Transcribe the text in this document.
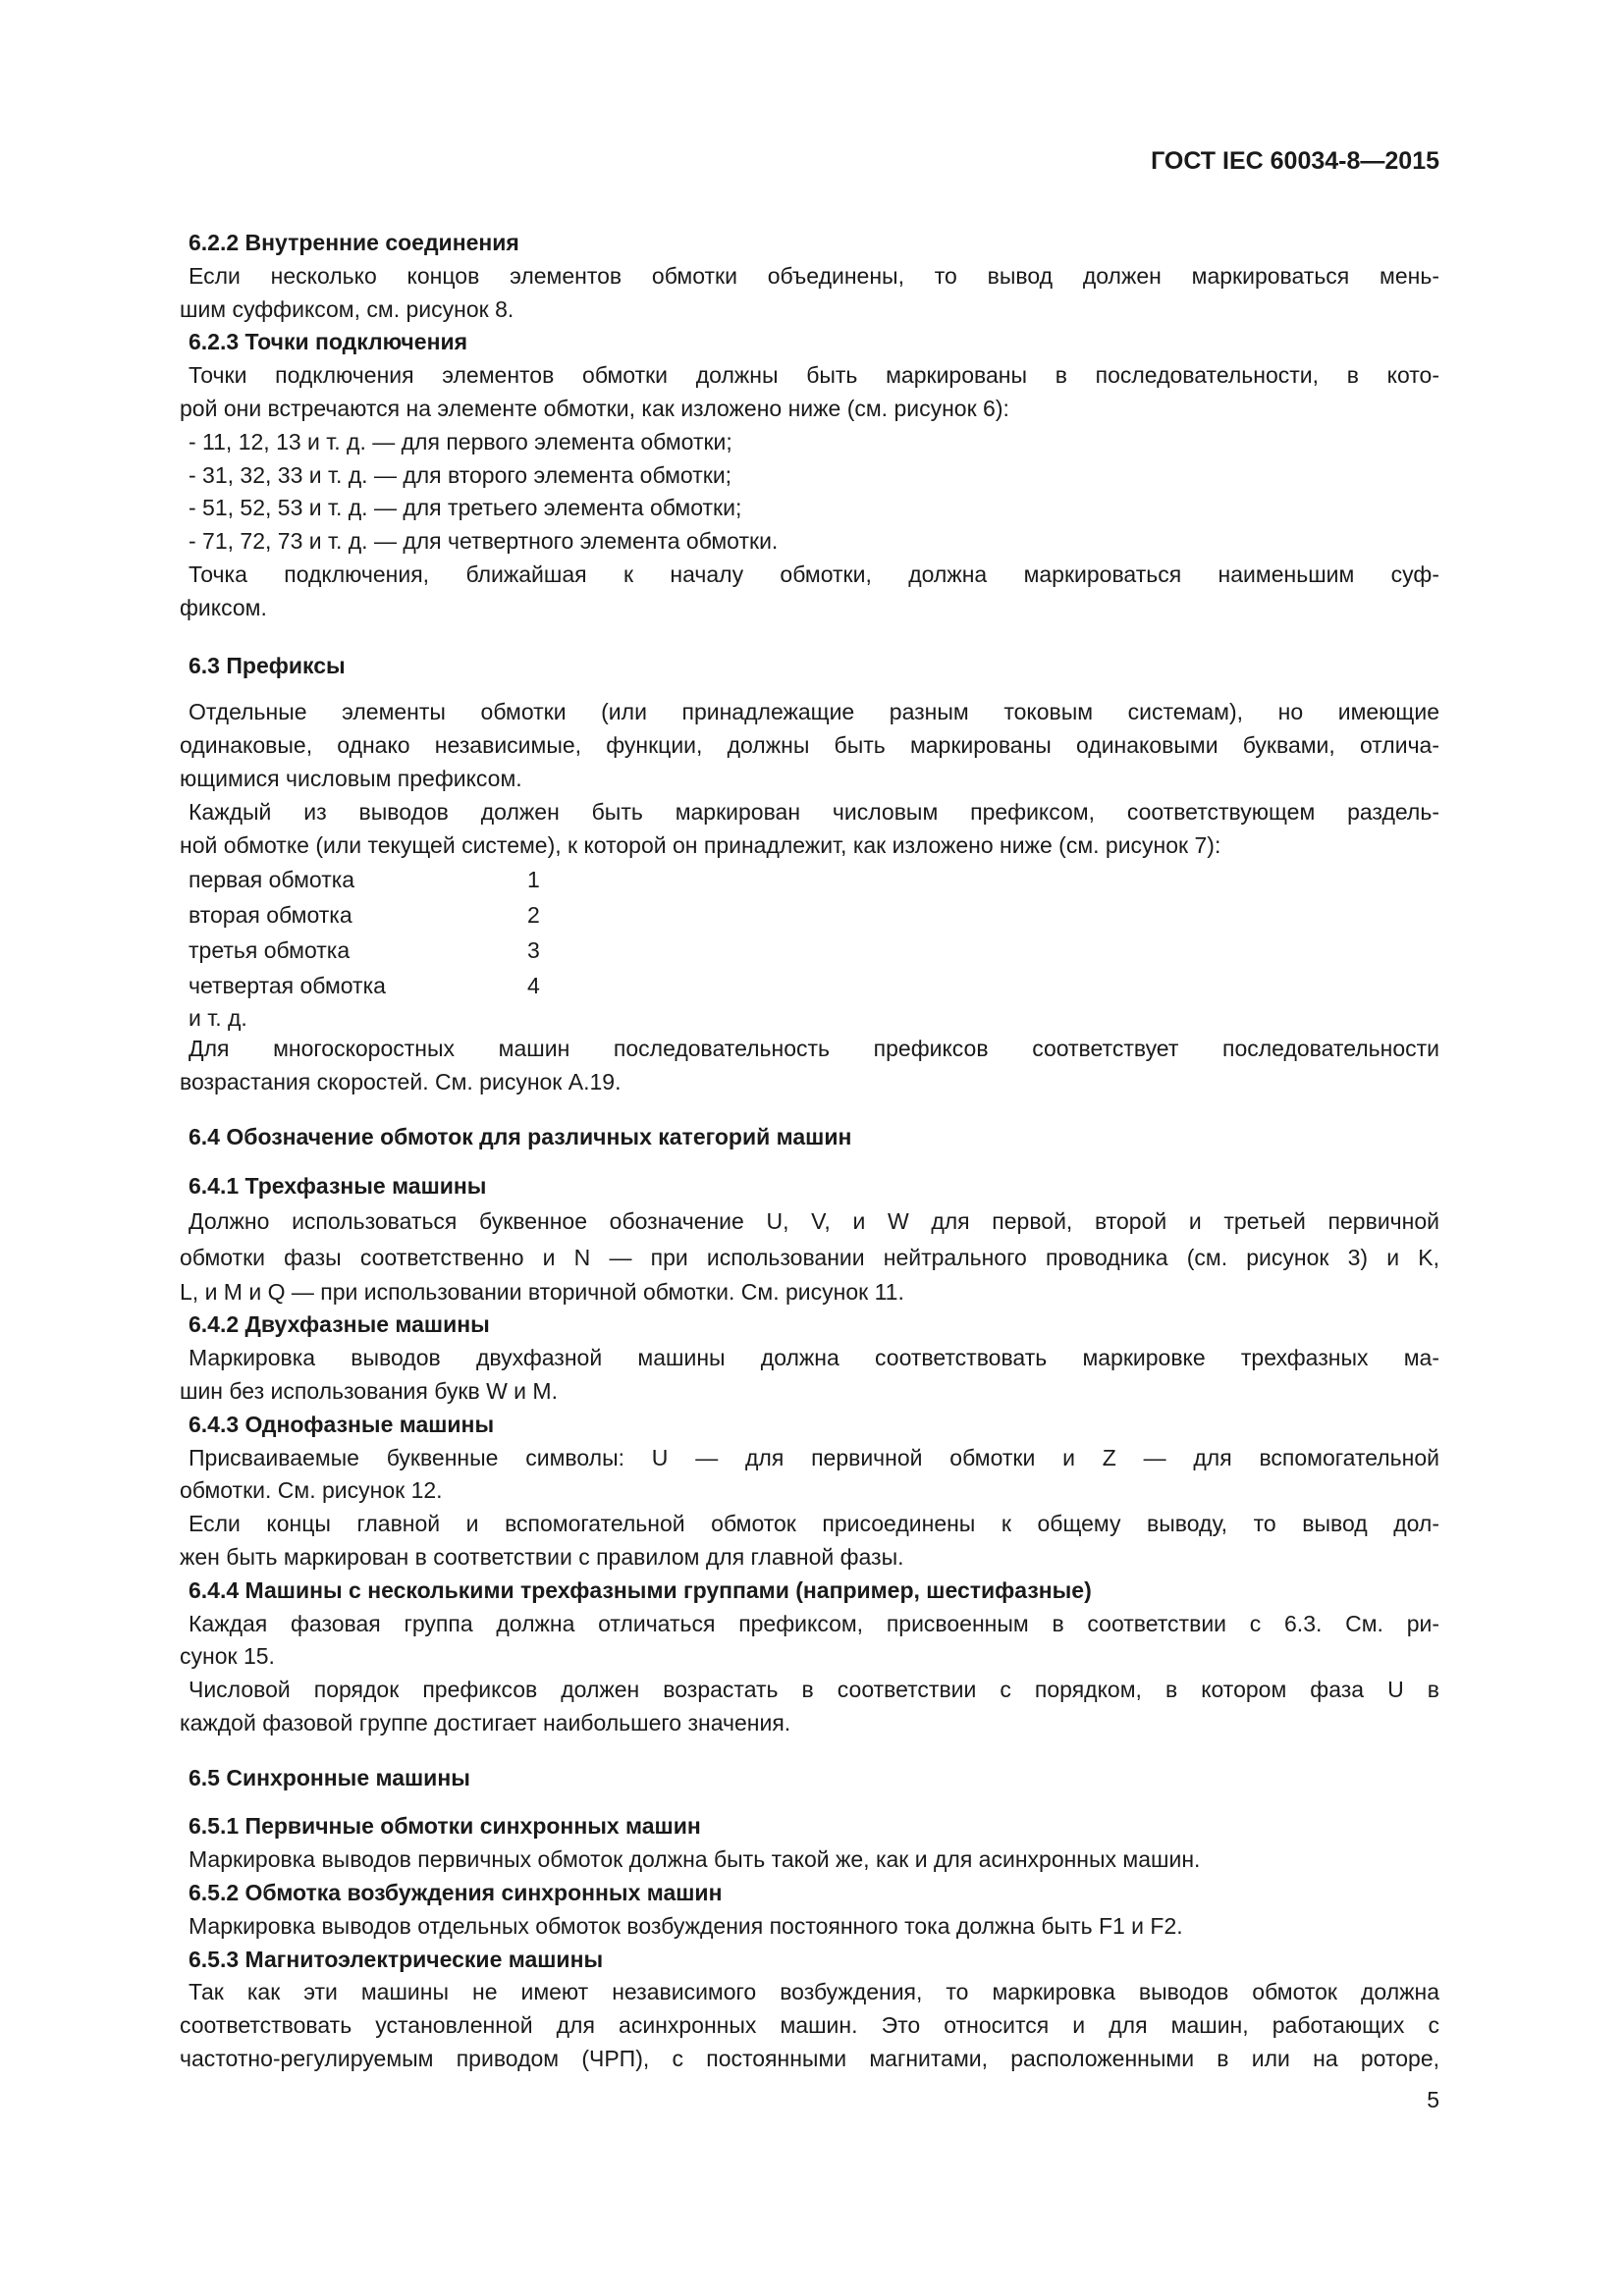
ГОСТ IEC 60034-8—2015
6.2.2 Внутренние соединения
Если несколько концов элементов обмотки объединены, то вывод должен маркироваться мень-
шим суффиксом, см. рисунок 8.
6.2.3 Точки подключения
Точки подключения элементов обмотки должны быть маркированы в последовательности, в кото-
рой они встречаются на элементе обмотки, как изложено ниже (см. рисунок 6):
- 11, 12, 13 и т. д. — для первого элемента обмотки;
- 31, 32, 33 и т. д. — для второго элемента обмотки;
- 51, 52, 53 и т. д. — для третьего элемента обмотки;
- 71, 72, 73 и т. д. — для четвертного элемента обмотки.
Точка подключения, ближайшая к началу обмотки, должна маркироваться наименьшим суф-
фиксом.
6.3 Префиксы
Отдельные элементы обмотки (или принадлежащие разным токовым системам), но имеющие
одинаковые, однако независимые, функции, должны быть маркированы одинаковыми буквами, отлича-
ющимися числовым префиксом.
Каждый из выводов должен быть маркирован числовым префиксом, соответствующем раздель-
ной обмотке (или текущей системе), к которой он принадлежит, как изложено ниже (см. рисунок 7):
первая обмотка	1
вторая обмотка	2
третья обмотка	3
четвертая обмотка	4
и т. д.
Для многоскоростных машин последовательность префиксов соответствует последовательности
возрастания скоростей. См. рисунок А.19.
6.4 Обозначение обмоток для различных категорий машин
6.4.1 Трехфазные машины
Должно использоваться буквенное обозначение U, V, и W для первой, второй и третьей первичной
обмотки фазы соответственно и N — при использовании нейтрального проводника (см. рисунок 3) и K,
L, и M и Q — при использовании вторичной обмотки. См. рисунок 11.
6.4.2 Двухфазные машины
Маркировка выводов двухфазной машины должна соответствовать маркировке трехфазных ма-
шин без использования букв W и M.
6.4.3 Однофазные машины
Присваиваемые буквенные символы: U — для первичной обмотки и Z — для вспомогательной
обмотки. См. рисунок 12.
Если концы главной и вспомогательной обмоток присоединены к общему выводу, то вывод дол-
жен быть маркирован в соответствии с правилом для главной фазы.
6.4.4 Машины с несколькими трехфазными группами (например, шестифазные)
Каждая фазовая группа должна отличаться префиксом, присвоенным в соответствии с 6.3. См. ри-
сунок 15.
Числовой порядок префиксов должен возрастать в соответствии с порядком, в котором фаза U в
каждой фазовой группе достигает наибольшего значения.
6.5 Синхронные машины
6.5.1 Первичные обмотки синхронных машин
Маркировка выводов первичных обмоток должна быть такой же, как и для асинхронных машин.
6.5.2 Обмотка возбуждения синхронных машин
Маркировка выводов отдельных обмоток возбуждения постоянного тока должна быть F1 и F2.
6.5.3 Магнитоэлектрические машины
Так как эти машины не имеют независимого возбуждения, то маркировка выводов обмоток должна
соответствовать установленной для асинхронных машин. Это относится и для машин, работающих с
частотно-регулируемым приводом (ЧРП), с постоянными магнитами, расположенными в или на роторе,
5
